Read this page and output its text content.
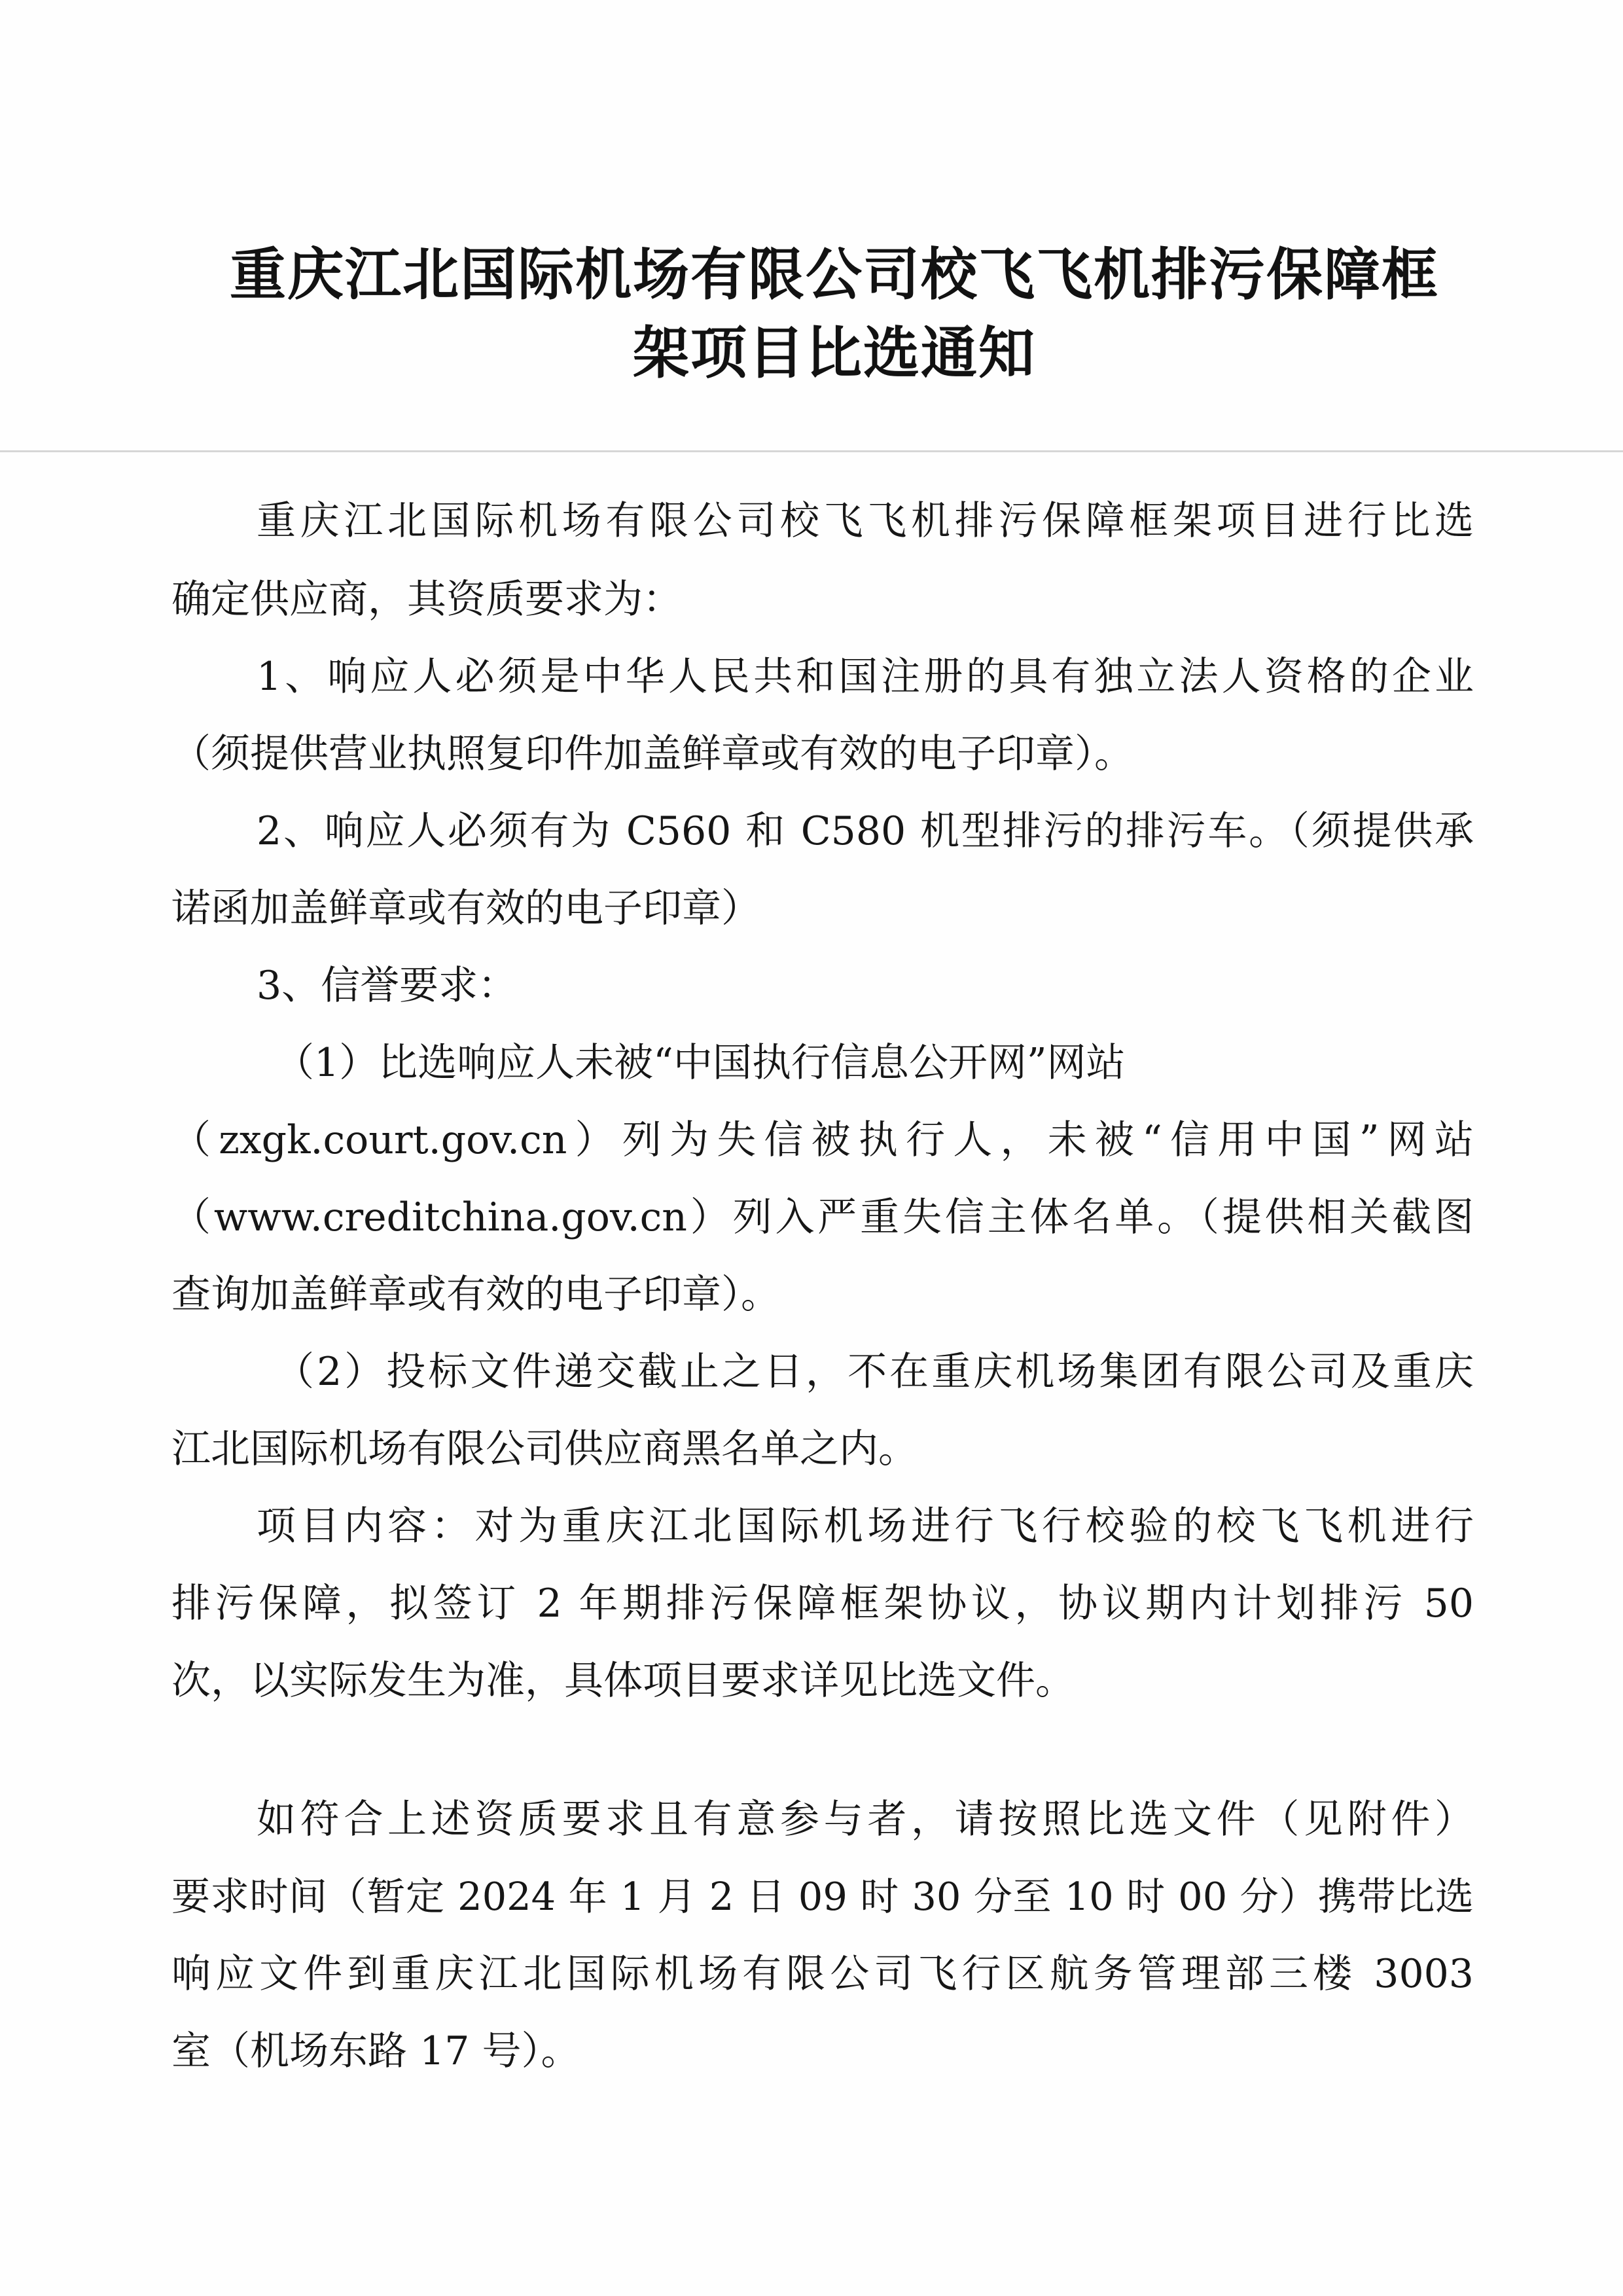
重庆江北国际机场有限公司校飞飞机排污保障框
架项目比选通知
重庆江北国际机场有限公司校飞飞机排污保障框架项目进行比选
确定供应商，其资质要求为：
1、响应人必须是中华人民共和国注册的具有独立法人资格的企业
（须提供营业执照复印件加盖鲜章或有效的电子印章）。
2、响应人必须有为 C560 和 C580 机型排污的排污车。（须提供承
诺函加盖鲜章或有效的电子印章）
3、信誉要求：
（1）比选响应人未被“中国执行信息公开网”网站
（zxgk.court.gov.cn）列为失信被执行人，未被“信用中国”网站
（www.creditchina.gov.cn）列入严重失信主体名单。（提供相关截图
查询加盖鲜章或有效的电子印章）。
（2）投标文件递交截止之日，不在重庆机场集团有限公司及重庆
江北国际机场有限公司供应商黑名单之内。
项目内容：对为重庆江北国际机场进行飞行校验的校飞飞机进行
排污保障，拟签订 2 年期排污保障框架协议，协议期内计划排污 50
次，以实际发生为准，具体项目要求详见比选文件。
如符合上述资质要求且有意参与者，请按照比选文件（见附件）
要求时间（暂定 2024 年 1 月 2 日 09 时 30 分至 10 时 00 分）携带比选
响应文件到重庆江北国际机场有限公司飞行区航务管理部三楼 3003
室（机场东路 17 号）。
